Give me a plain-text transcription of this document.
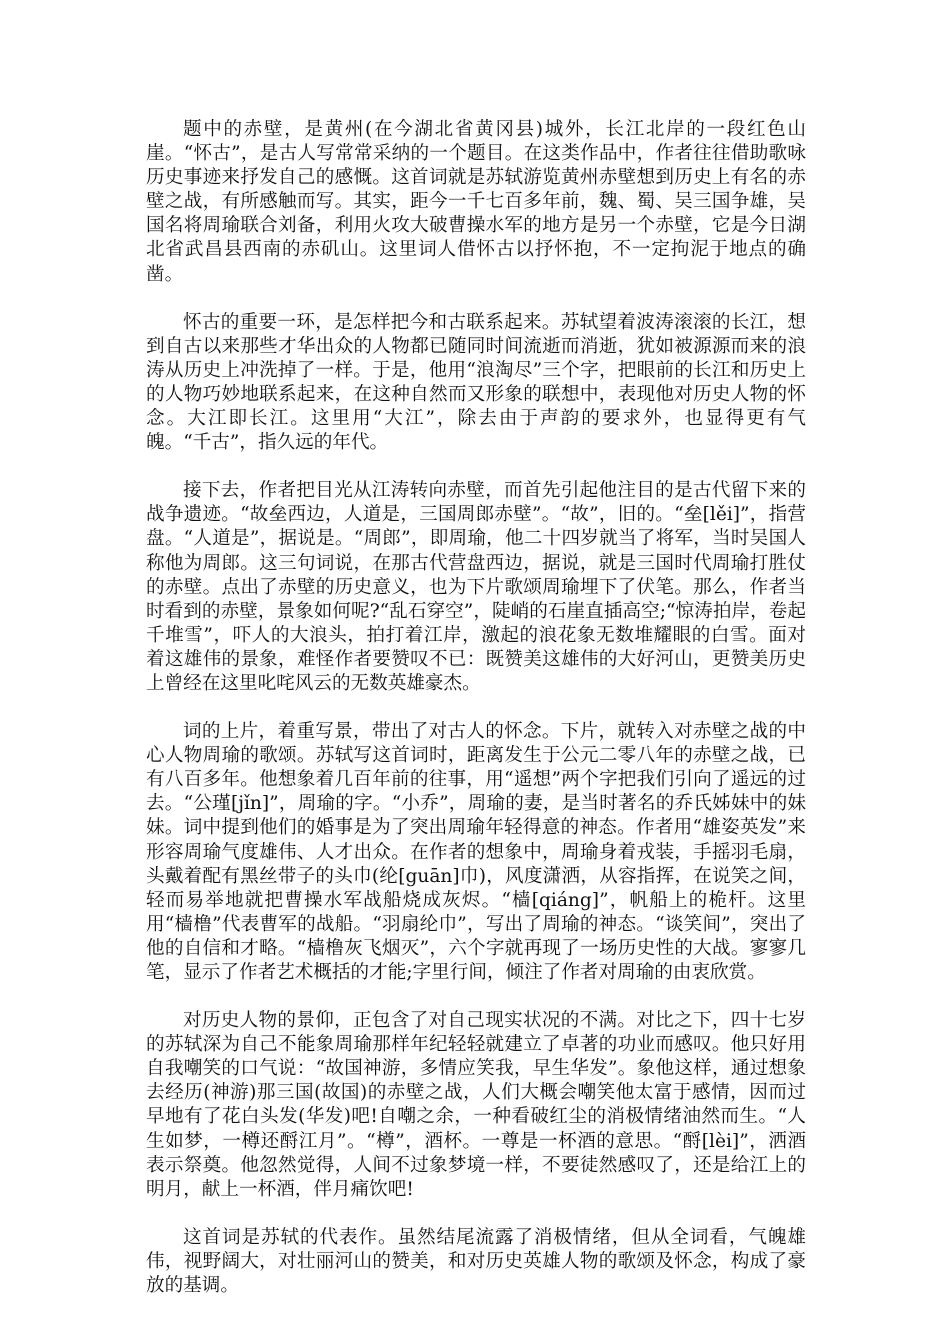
题中的赤壁，是黄州(在今湖北省黄冈县)城外，长江北岸的一段红色山崖。“怀古”，是古人写常常采纳的一个题目。在这类作品中，作者往往借助歌咏历史事迹来抒发自己的感慨。这首词就是苏轼游览黄州赤壁想到历史上有名的赤壁之战，有所感触而写。其实，距今一千七百多年前，魏、蜀、吴三国争雄，吴国名将周瑜联合刘备，利用火攻大破曹操水军的地方是另一个赤壁，它是今日湖北省武昌县西南的赤矶山。这里词人借怀古以抒怀抱，不一定拘泥于地点的确凿。

怀古的重要一环，是怎样把今和古联系起来。苏轼望着波涛滚滚的长江，想到自古以来那些才华出众的人物都已随同时间流逝而消逝，犹如被源源而来的浪涛从历史上冲洗掉了一样。于是，他用“浪淘尽”三个字，把眼前的长江和历史上的人物巧妙地联系起来，在这种自然而又形象的联想中，表现他对历史人物的怀念。大江即长江。这里用“大江”，除去由于声韵的要求外，也显得更有气魄。“千古”，指久远的年代。

接下去，作者把目光从江涛转向赤壁，而首先引起他注目的是古代留下来的战争遗迹。“故垒西边，人道是，三国周郎赤壁”。“故”，旧的。“垒[lěi]”，指营盘。“人道是”，据说是。“周郎”，即周瑜，他二十四岁就当了将军，当时吴国人称他为周郎。这三句词说，在那古代营盘西边，据说，就是三国时代周瑜打胜仗的赤壁。点出了赤壁的历史意义，也为下片歌颂周瑜埋下了伏笔。那么，作者当时看到的赤壁，景象如何呢?“乱石穿空”，陡峭的石崖直插高空;“惊涛拍岸，卷起千堆雪”，吓人的大浪头，拍打着江岸，激起的浪花象无数堆耀眼的白雪。面对着这雄伟的景象，难怪作者要赞叹不已：既赞美这雄伟的大好河山，更赞美历史上曾经在这里叱咤风云的无数英雄豪杰。

词的上片，着重写景，带出了对古人的怀念。下片，就转入对赤壁之战的中心人物周瑜的歌颂。苏轼写这首词时，距离发生于公元二零八年的赤壁之战，已有八百多年。他想象着几百年前的往事，用“遥想”两个字把我们引向了遥远的过去。“公瑾[jǐn]”，周瑜的字。“小乔”，周瑜的妻，是当时著名的乔氏姊妹中的妹妹。词中提到他们的婚事是为了突出周瑜年轻得意的神态。作者用“雄姿英发”来形容周瑜气度雄伟、人才出众。在作者的想象中，周瑜身着戎装，手摇羽毛扇，头戴着配有黑丝带子的头巾(纶[guān]巾)，风度潇洒，从容指挥，在说笑之间，轻而易举地就把曹操水军战船烧成灰烬。“樯[qiáng]”，帆船上的桅杆。这里用“樯橹”代表曹军的战船。“羽扇纶巾”，写出了周瑜的神态。“谈笑间”，突出了他的自信和才略。“樯橹灰飞烟灭”，六个字就再现了一场历史性的大战。寥寥几笔，显示了作者艺术概括的才能;字里行间，倾注了作者对周瑜的由衷欣赏。

对历史人物的景仰，正包含了对自己现实状况的不满。对比之下，四十七岁的苏轼深为自己不能象周瑜那样年纪轻轻就建立了卓著的功业而感叹。他只好用自我嘲笑的口气说：“故国神游，多情应笑我，早生华发”。象他这样，通过想象去经历(神游)那三国(故国)的赤壁之战，人们大概会嘲笑他太富于感情，因而过早地有了花白头发(华发)吧!自嘲之余，一种看破红尘的消极情绪油然而生。“人生如梦，一樽还酹江月”。“樽”，酒杯。一尊是一杯酒的意思。“酹[lèi]”，洒酒表示祭奠。他忽然觉得，人间不过象梦境一样，不要徒然感叹了，还是给江上的明月，献上一杯酒，伴月痛饮吧!

这首词是苏轼的代表作。虽然结尾流露了消极情绪，但从全词看，气魄雄伟，视野阔大，对壮丽河山的赞美，和对历史英雄人物的歌颂及怀念，构成了豪放的基调。
